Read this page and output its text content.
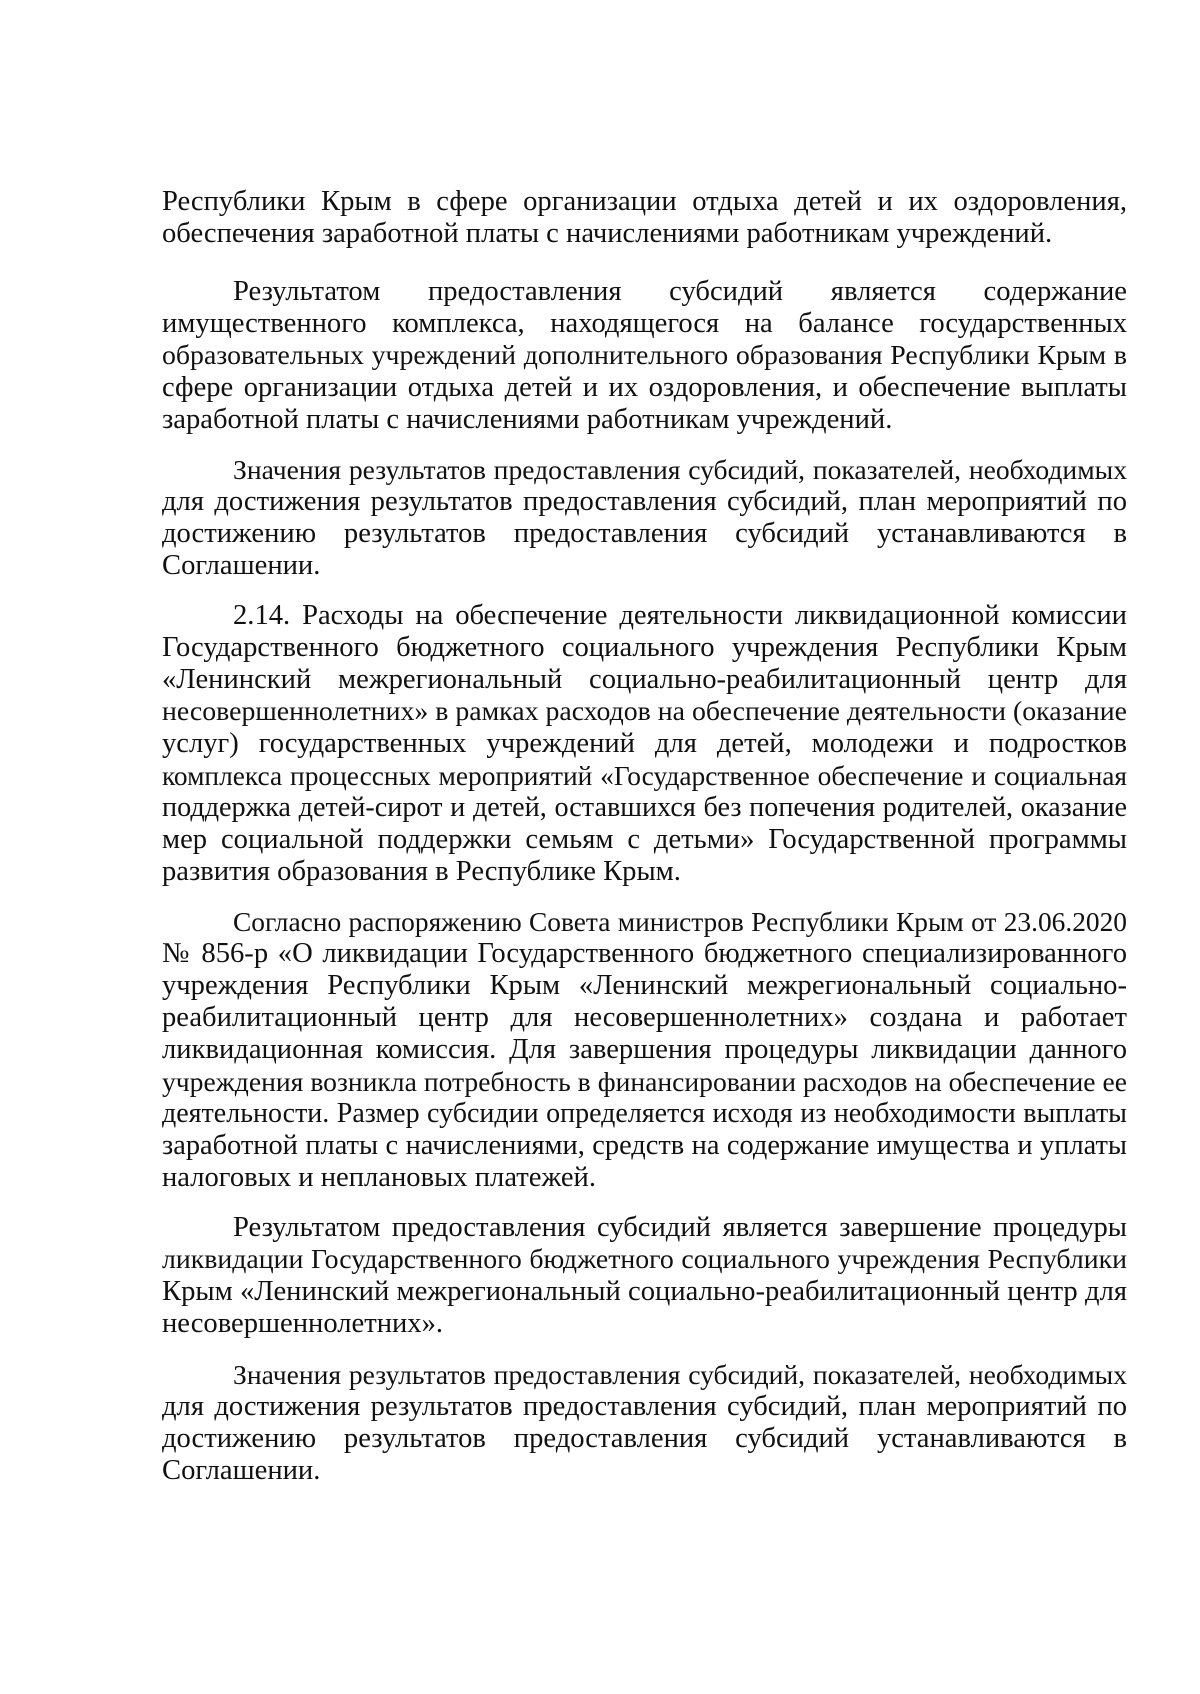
Республики Крым в сфере организации отдыха детей и их оздоровления,
обеспечения заработной платы с начислениями работникам учреждений.
Результатом предоставления субсидий является содержание
имущественного комплекса, находящегося на балансе государственных
образовательных учреждений дополнительного образования Республики Крым в
сфере организации отдыха детей и их оздоровления, и обеспечение выплаты
заработной платы с начислениями работникам учреждений.
Значения результатов предоставления субсидий, показателей, необходимых
для достижения результатов предоставления субсидий, план мероприятий по
достижению результатов предоставления субсидий устанавливаются в
Соглашении.
2.14. Расходы на обеспечение деятельности ликвидационной комиссии
Государственного бюджетного социального учреждения Республики Крым
«Ленинский межрегиональный социально-реабилитационный центр для
несовершеннолетних» в рамках расходов на обеспечение деятельности (оказание
услуг) государственных учреждений для детей, молодежи и подростков
комплекса процессных мероприятий «Государственное обеспечение и социальная
поддержка детей-сирот и детей, оставшихся без попечения родителей, оказание
мер социальной поддержки семьям с детьми» Государственной программы
развития образования в Республике Крым.
Согласно распоряжению Совета министров Республики Крым от 23.06.2020
№ 856-р «О ликвидации Государственного бюджетного специализированного
учреждения Республики Крым «Ленинский межрегиональный социально-
реабилитационный центр для несовершеннолетних» создана и работает
ликвидационная комиссия. Для завершения процедуры ликвидации данного
учреждения возникла потребность в финансировании расходов на обеспечение ее
деятельности. Размер субсидии определяется исходя из необходимости выплаты
заработной платы с начислениями, средств на содержание имущества и уплаты
налоговых и неплановых платежей.
Результатом предоставления субсидий является завершение процедуры
ликвидации Государственного бюджетного социального учреждения Республики
Крым «Ленинский межрегиональный социально-реабилитационный центр для
несовершеннолетних».
Значения результатов предоставления субсидий, показателей, необходимых
для достижения результатов предоставления субсидий, план мероприятий по
достижению результатов предоставления субсидий устанавливаются в
Соглашении.
